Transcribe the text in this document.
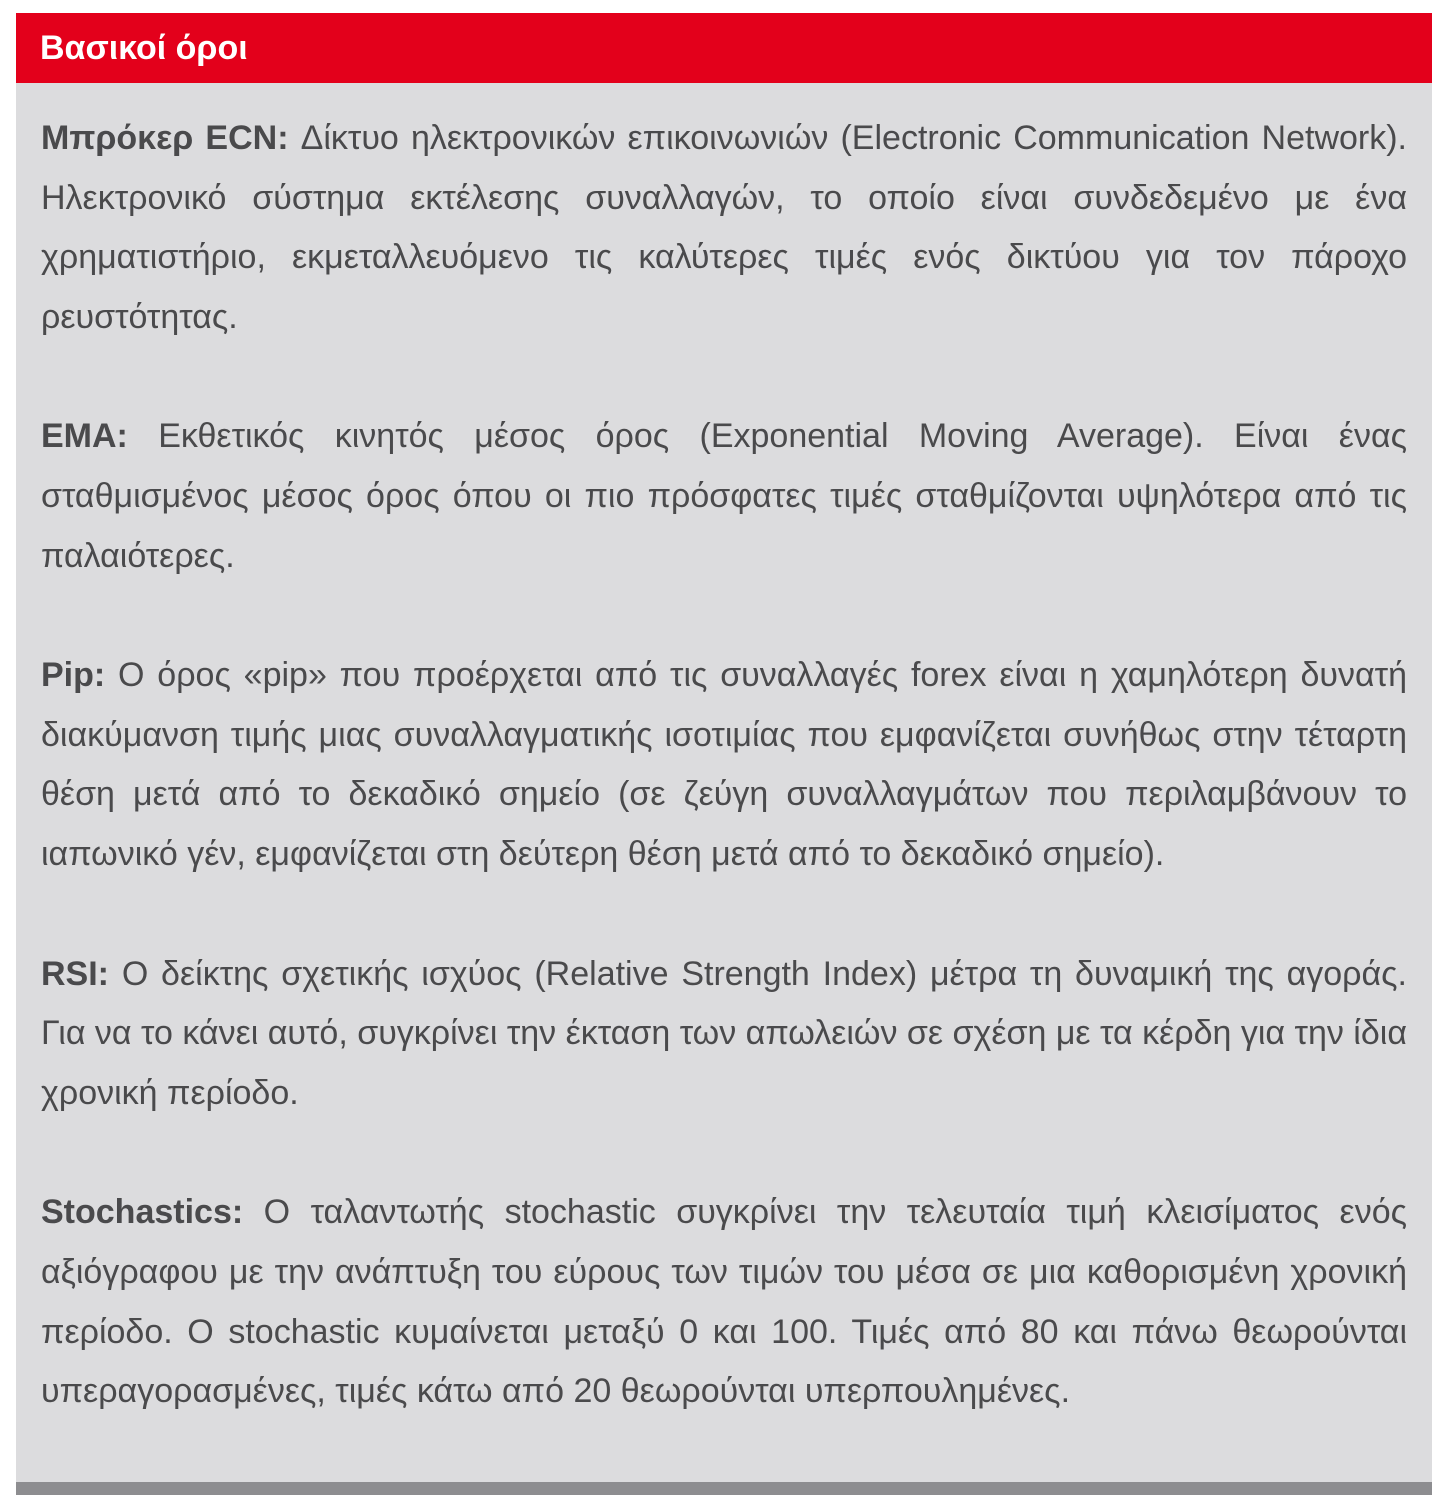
Βασικοί όροι

Μπρόκερ ECN: Δίκτυο ηλεκτρονικών επικοινωνιών (Electronic Communication Network). Ηλεκτρονικό σύστημα εκτέλεσης συναλλαγών, το οποίο είναι συνδεδεμένο με ένα χρηματιστήριο, εκμεταλλευόμενο τις καλύτερες τιμές ενός δικτύου για τον πάροχο ρευστότητας.

EMA: Εκθετικός κινητός μέσος όρος (Exponential Moving Average). Είναι ένας σταθμισμένος μέσος όρος όπου οι πιο πρόσφατες τιμές σταθμίζονται υψηλότερα από τις παλαιότερες.

Pip: Ο όρος «pip» που προέρχεται από τις συναλλαγές forex είναι η χαμηλότερη δυνατή διακύμανση τιμής μιας συναλλαγματικής ισοτιμίας που εμφανίζεται συνήθως στην τέταρτη θέση μετά από το δεκαδικό σημείο (σε ζεύγη συναλλαγμάτων που περιλαμβάνουν το ιαπωνικό γέν, εμφανίζεται στη δεύτερη θέση μετά από το δεκαδικό σημείο).

RSI: Ο δείκτης σχετικής ισχύος (Relative Strength Index) μέτρα τη δυναμική της αγοράς. Για να το κάνει αυτό, συγκρίνει την έκταση των απωλειών σε σχέση με τα κέρδη για την ίδια χρονική περίοδο.

Stochastics: Ο ταλαντωτής stochastic συγκρίνει την τελευταία τιμή κλεισίματος ενός αξιόγραφου με την ανάπτυξη του εύρους των τιμών του μέσα σε μια καθορισμένη χρονική περίοδο. Ο stochastic κυμαίνεται μεταξύ 0 και 100. Τιμές από 80 και πάνω θεωρούνται υπεραγορασμένες, τιμές κάτω από 20 θεωρούνται υπερπουλημένες.
